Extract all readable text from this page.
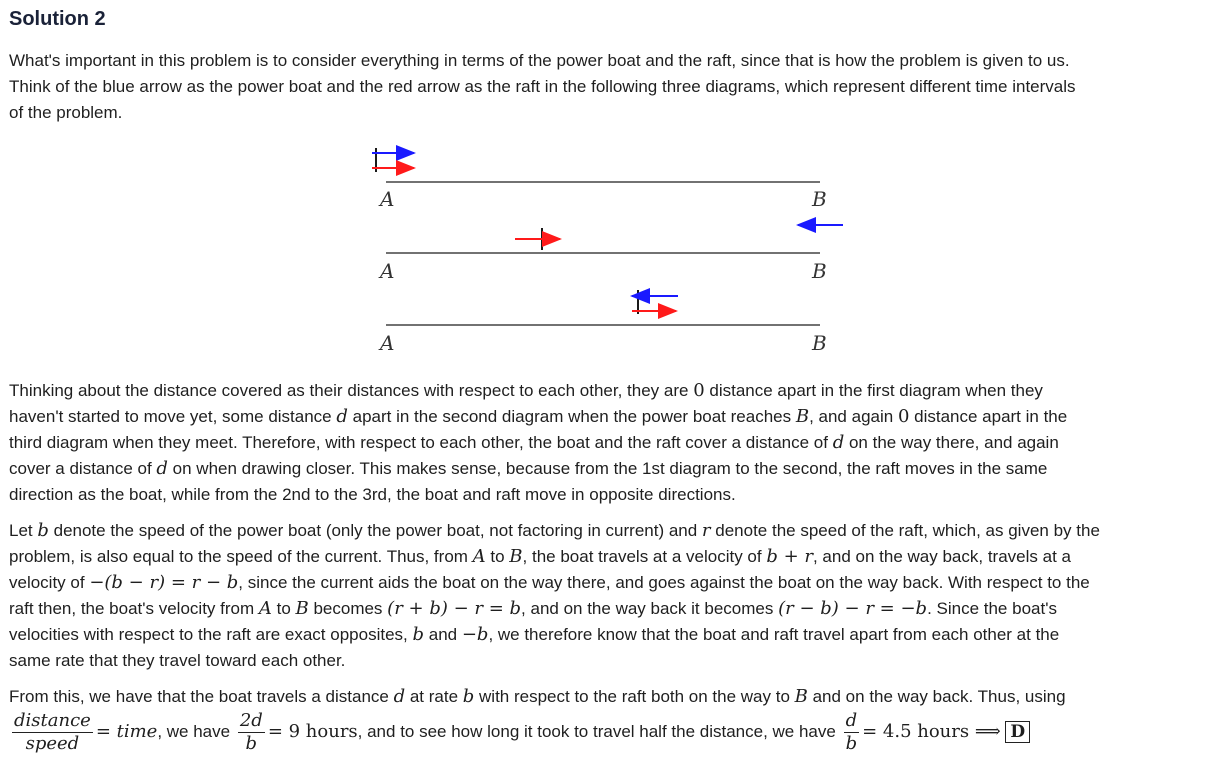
Solution 2

What's important in this problem is to consider everything in terms of the power boat and the raft, since that is how the problem is given to us.
Think of the blue arrow as the power boat and the red arrow as the raft in the following three diagrams, which represent different time intervals
of the problem.

A	B
A	B
A	B

Thinking about the distance covered as their distances with respect to each other, they are 0 distance apart in the first diagram when they
haven't started to move yet, some distance d apart in the second diagram when the power boat reaches B, and again 0 distance apart in the
third diagram when they meet. Therefore, with respect to each other, the boat and the raft cover a distance of d on the way there, and again
cover a distance of d on when drawing closer. This makes sense, because from the 1st diagram to the second, the raft moves in the same
direction as the boat, while from the 2nd to the 3rd, the boat and raft move in opposite directions.

Let b denote the speed of the power boat (only the power boat, not factoring in current) and r denote the speed of the raft, which, as given by the
problem, is also equal to the speed of the current. Thus, from A to B, the boat travels at a velocity of b + r, and on the way back, travels at a
velocity of −(b − r) = r − b, since the current aids the boat on the way there, and goes against the boat on the way back. With respect to the
raft then, the boat's velocity from A to B becomes (r + b) − r = b, and on the way back it becomes (r − b) − r = −b. Since the boat's
velocities with respect to the raft are exact opposites, b and −b, we therefore know that the boat and raft travel apart from each other at the
same rate that they travel toward each other.

From this, we have that the boat travels a distance d at rate b with respect to the raft both on the way to B and on the way back. Thus, using

$\frac{\text{distance}}{\text{speed}}$ = time, we have $\frac{2d}{b} = 9$ hours, and to see how long it took to travel half the distance, we have $\frac{d}{b} = 4.5$ hours ⟹ D
